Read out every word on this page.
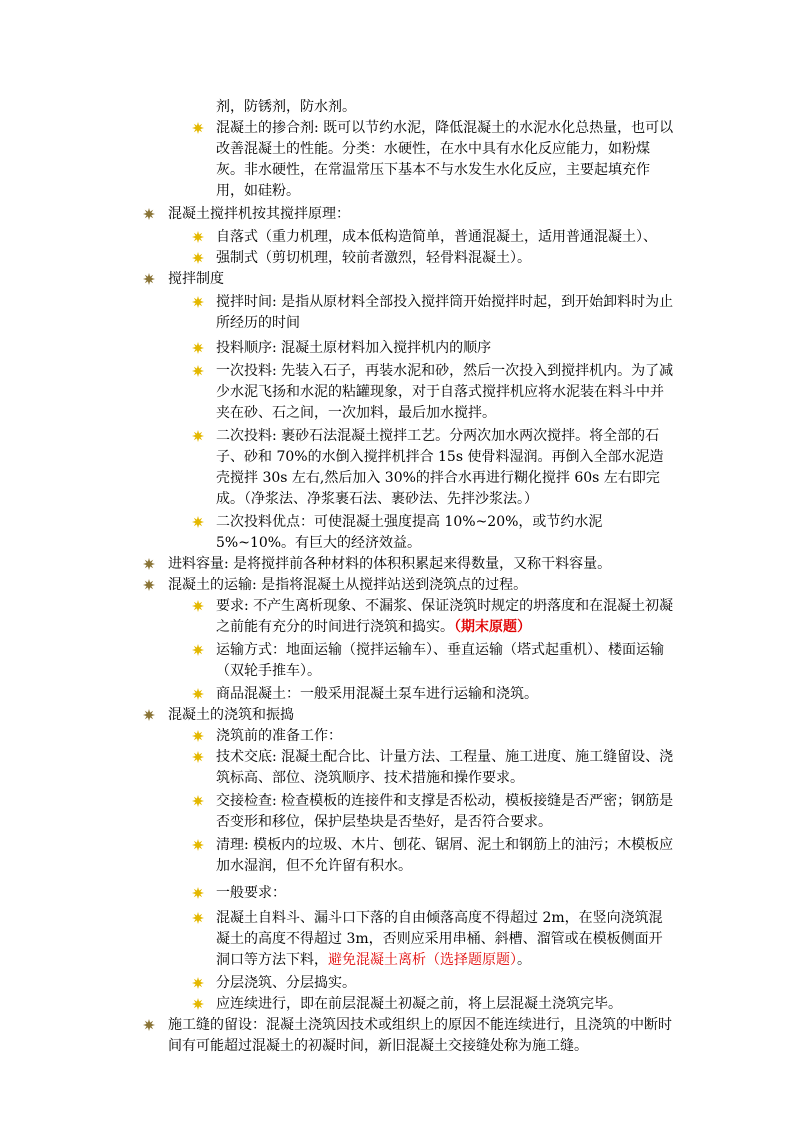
剂，防锈剂，防水剂。
混凝土的掺合剂: 既可以节约水泥，降低混凝土的水泥水化总热量，也可以改善混凝土的性能。分类：水硬性，在水中具有水化反应能力，如粉煤灰。非水硬性，在常温常压下基本不与水发生水化反应，主要起填充作用，如硅粉。
混凝土搅拌机按其搅拌原理：
自落式（重力机理，成本低构造简单，普通混凝土，适用普通混凝土）、
强制式（剪切机理，较前者激烈，轻骨料混凝土）。
搅拌制度
搅拌时间: 是指从原材料全部投入搅拌筒开始搅拌时起，到开始卸料时为止所经历的时间
投料顺序: 混凝土原材料加入搅拌机内的顺序
一次投料: 先装入石子，再装水泥和砂，然后一次投入到搅拌机内。为了减少水泥飞扬和水泥的粘罐现象，对于自落式搅拌机应将水泥装在料斗中并夹在砂、石之间，一次加料，最后加水搅拌。
二次投料: 裹砂石法混凝土搅拌工艺。分两次加水两次搅拌。将全部的石子、砂和 70%的水倒入搅拌机拌合 15s 使骨料湿润。再倒入全部水泥造壳搅拌 30s 左右,然后加入 30%的拌合水再进行糊化搅拌 60s 左右即完成。（净浆法、净浆裹石法、裹砂法、先拌沙浆法。）
二次投料优点：可使混凝土强度提高 10%~20%，或节约水泥 5%~10%。有巨大的经济效益。
进料容量: 是将搅拌前各种材料的体积积累起来得数量，又称干料容量。
混凝土的运输: 是指将混凝土从搅拌站送到浇筑点的过程。
要求: 不产生离析现象、不漏浆、保证浇筑时规定的坍落度和在混凝土初凝之前能有充分的时间进行浇筑和捣实。（期末原题）
运输方式：地面运输（搅拌运输车）、垂直运输（塔式起重机）、楼面运输（双轮手推车）。
商品混凝土：一般采用混凝土泵车进行运输和浇筑。
混凝土的浇筑和振捣
浇筑前的准备工作：
技术交底: 混凝土配合比、计量方法、工程量、施工进度、施工缝留设、浇筑标高、部位、浇筑顺序、技术措施和操作要求。
交接检查: 检查模板的连接件和支撑是否松动，模板接缝是否严密；钢筋是否变形和移位，保护层垫块是否垫好，是否符合要求。
清理: 模板内的垃圾、木片、刨花、锯屑、泥土和钢筋上的油污；木模板应加水湿润，但不允许留有积水。
一般要求：
混凝土自料斗、漏斗口下落的自由倾落高度不得超过 2m，在竖向浇筑混凝土的高度不得超过 3m，否则应采用串桶、斜槽、溜管或在模板侧面开洞口等方法下料，避免混凝土离析（选择题原题）。
分层浇筑、分层捣实。
应连续进行，即在前层混凝土初凝之前，将上层混凝土浇筑完毕。
施工缝的留设：混凝土浇筑因技术或组织上的原因不能连续进行，且浇筑的中断时间有可能超过混凝土的初凝时间，新旧混凝土交接缝处称为施工缝。
